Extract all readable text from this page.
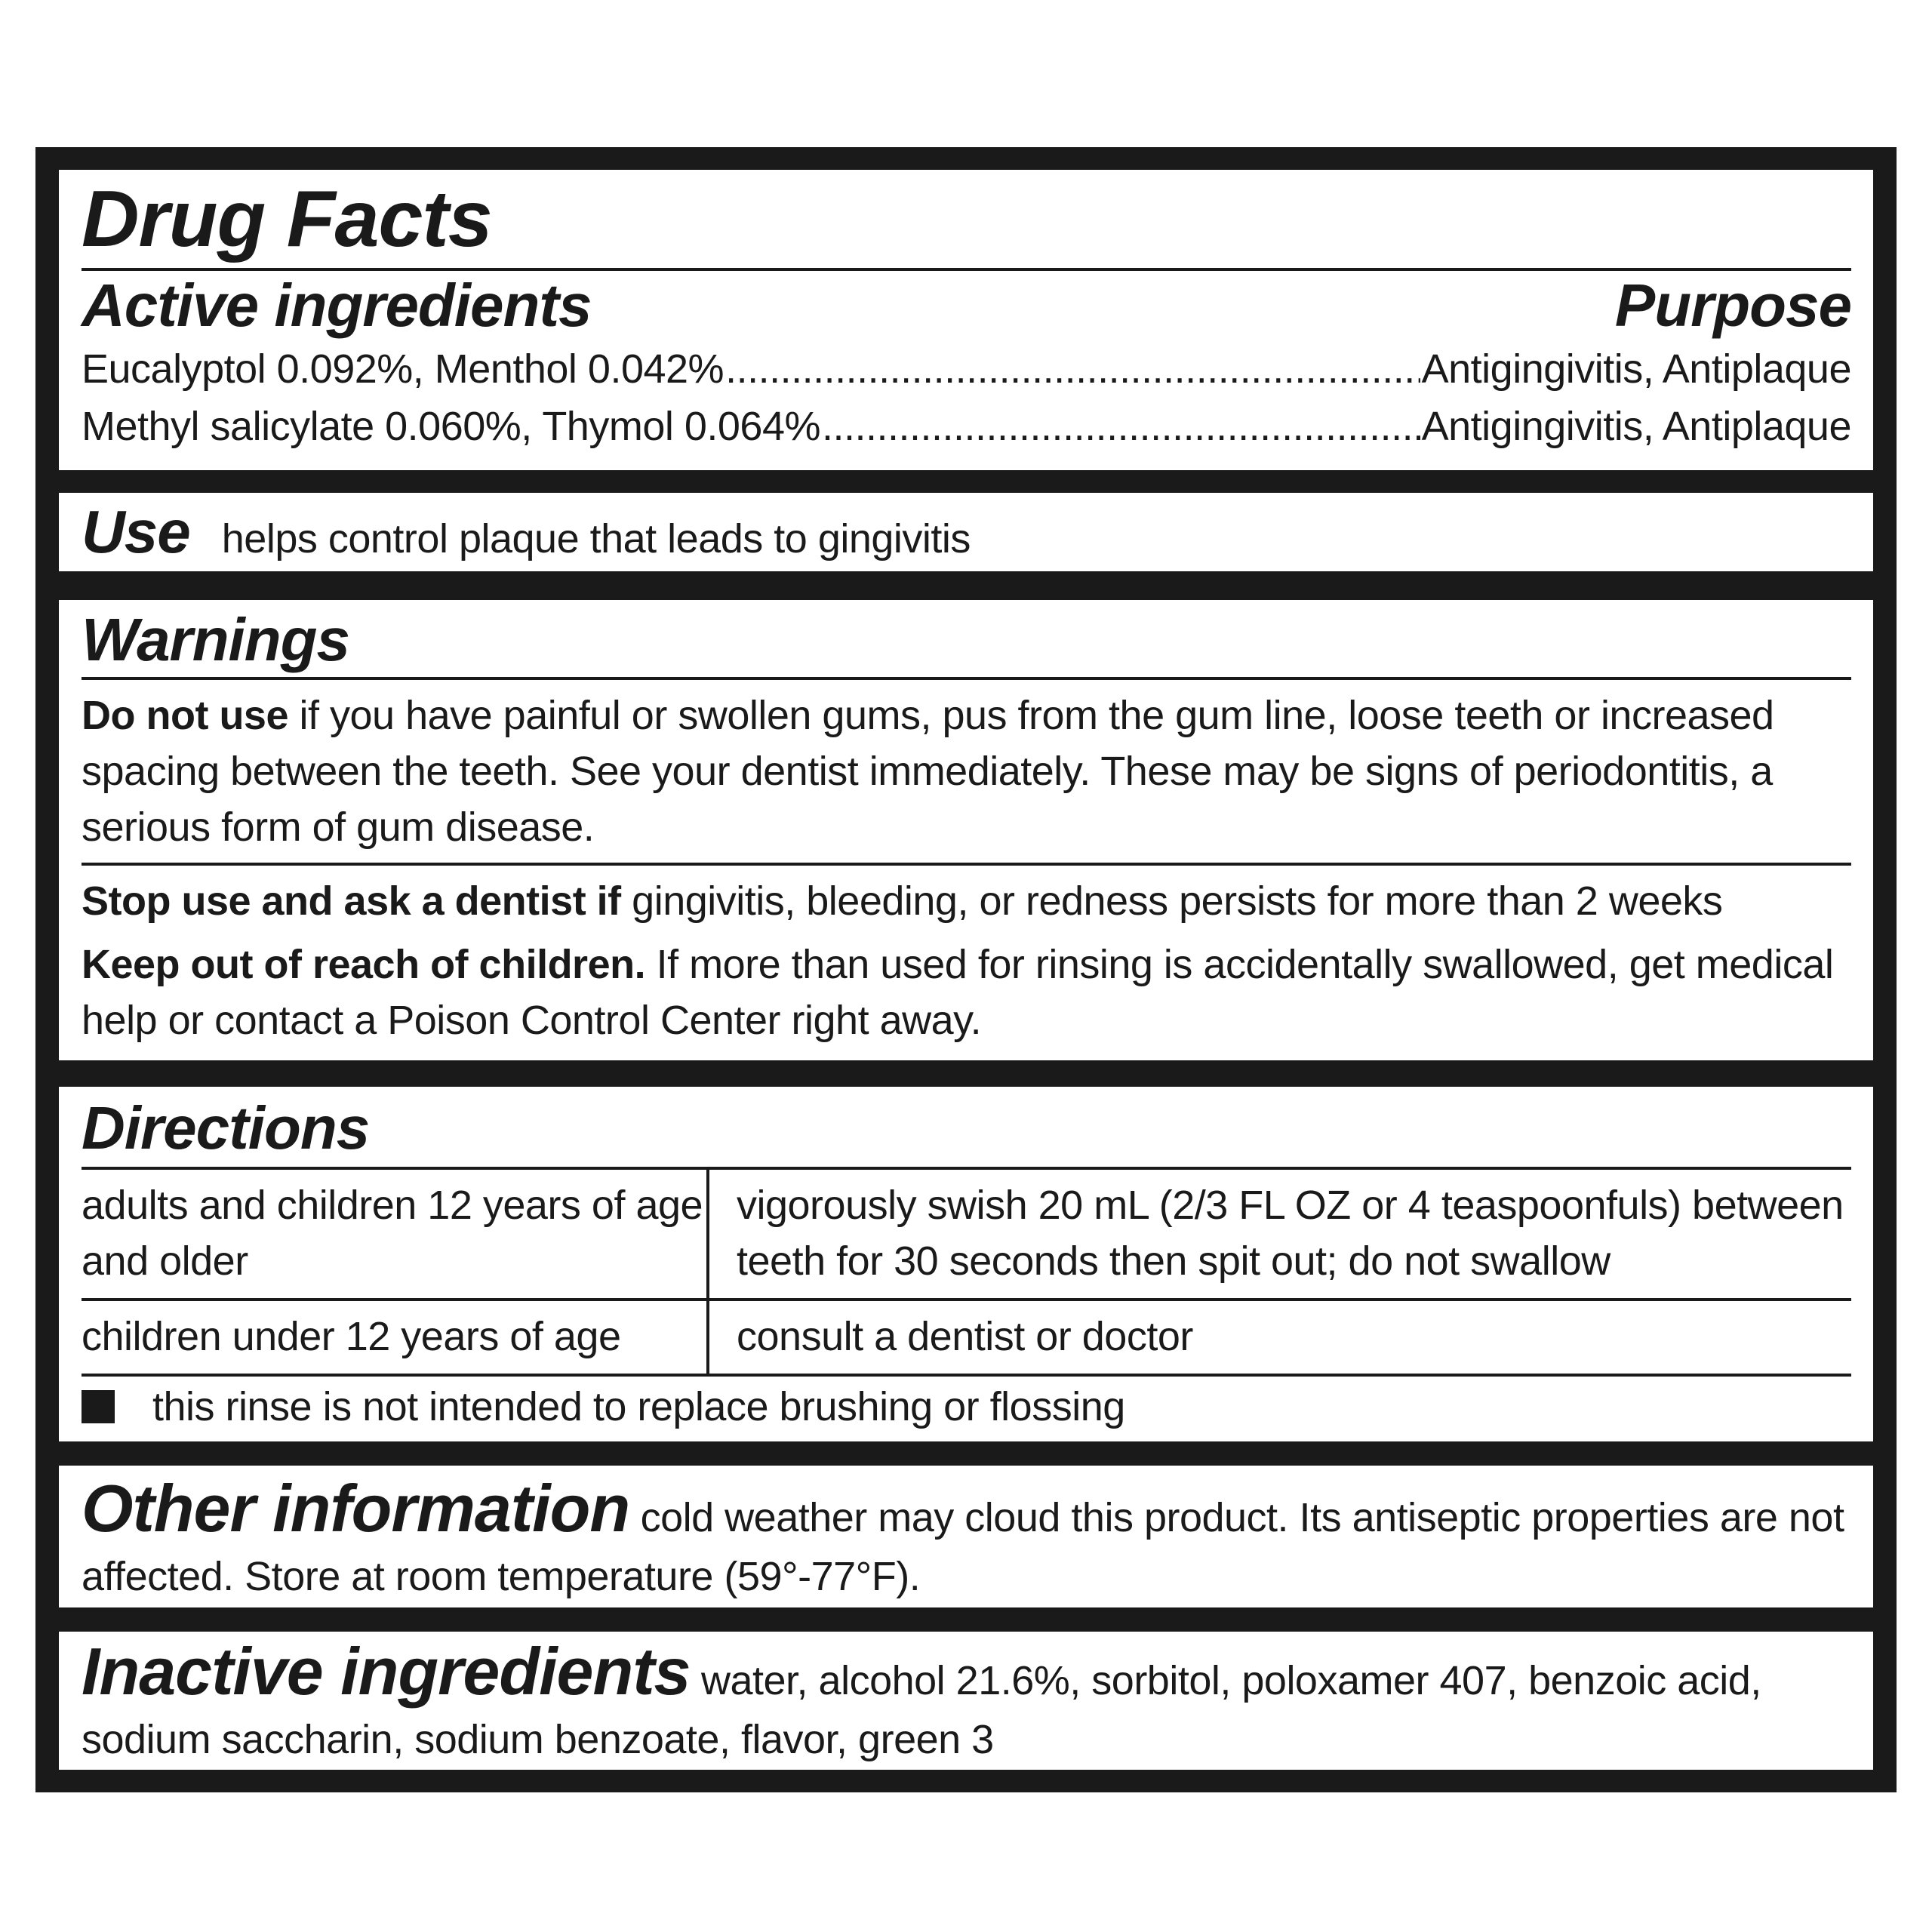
Drug Facts
Active ingredients	Purpose
Eucalyptol 0.092%, Menthol 0.042% .....	Antigingivitis, Antiplaque
Methyl salicylate 0.060%, Thymol 0.064% .....	Antigingivitis, Antiplaque
Use helps control plaque that leads to gingivitis
Warnings
Do not use if you have painful or swollen gums, pus from the gum line, loose teeth or increased spacing between the teeth. See your dentist immediately. These may be signs of periodontitis, a serious form of gum disease.
Stop use and ask a dentist if gingivitis, bleeding, or redness persists for more than 2 weeks
Keep out of reach of children. If more than used for rinsing is accidentally swallowed, get medical help or contact a Poison Control Center right away.
Directions
adults and children 12 years of age and older	vigorously swish 20 mL (2/3 FL OZ or 4 teaspoonfuls) between teeth for 30 seconds then spit out; do not swallow
children under 12 years of age	consult a dentist or doctor
this rinse is not intended to replace brushing or flossing
Other information cold weather may cloud this product. Its antiseptic properties are not affected. Store at room temperature (59°-77°F).
Inactive ingredients water, alcohol 21.6%, sorbitol, poloxamer 407, benzoic acid, sodium saccharin, sodium benzoate, flavor, green 3
